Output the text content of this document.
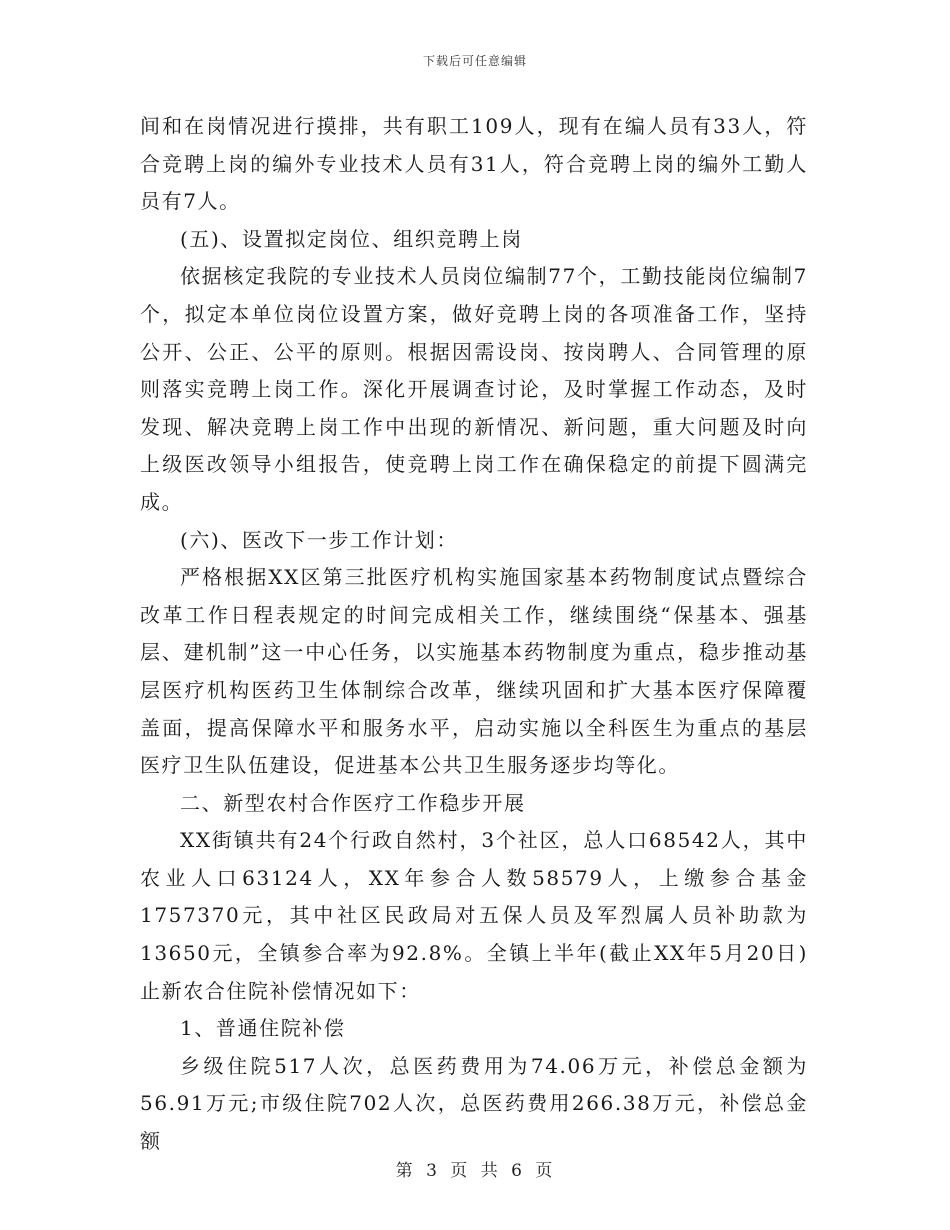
下载后可任意编辑

间和在岗情况进行摸排，共有职工109人，现有在编人员有33人，符合竞聘上岗的编外专业技术人员有31人，符合竞聘上岗的编外工勤人员有7人。

(五)、设置拟定岗位、组织竞聘上岗

依据核定我院的专业技术人员岗位编制77个，工勤技能岗位编制7个，拟定本单位岗位设置方案，做好竞聘上岗的各项准备工作，坚持公开、公正、公平的原则。根据因需设岗、按岗聘人、合同管理的原则落实竞聘上岗工作。深化开展调查讨论，及时掌握工作动态，及时发现、解决竞聘上岗工作中出现的新情况、新问题，重大问题及时向上级医改领导小组报告，使竞聘上岗工作在确保稳定的前提下圆满完成。

(六)、医改下一步工作计划：

严格根据XX区第三批医疗机构实施国家基本药物制度试点暨综合改革工作日程表规定的时间完成相关工作，继续围绕“保基本、强基层、建机制”这一中心任务，以实施基本药物制度为重点，稳步推动基层医疗机构医药卫生体制综合改革，继续巩固和扩大基本医疗保障覆盖面，提高保障水平和服务水平，启动实施以全科医生为重点的基层医疗卫生队伍建设，促进基本公共卫生服务逐步均等化。

二、新型农村合作医疗工作稳步开展

XX街镇共有24个行政自然村，3个社区，总人口68542人，其中农业人口63124人，XX年参合人数58579人，上缴参合基金1757370元，其中社区民政局对五保人员及军烈属人员补助款为13650元，全镇参合率为92.8%。全镇上半年(截止XX年5月20日)止新农合住院补偿情况如下：

1、普通住院补偿

乡级住院517人次，总医药费用为74.06万元，补偿总金额为56.91万元;市级住院702人次，总医药费用266.38万元，补偿总金额

第 3 页 共 6 页
